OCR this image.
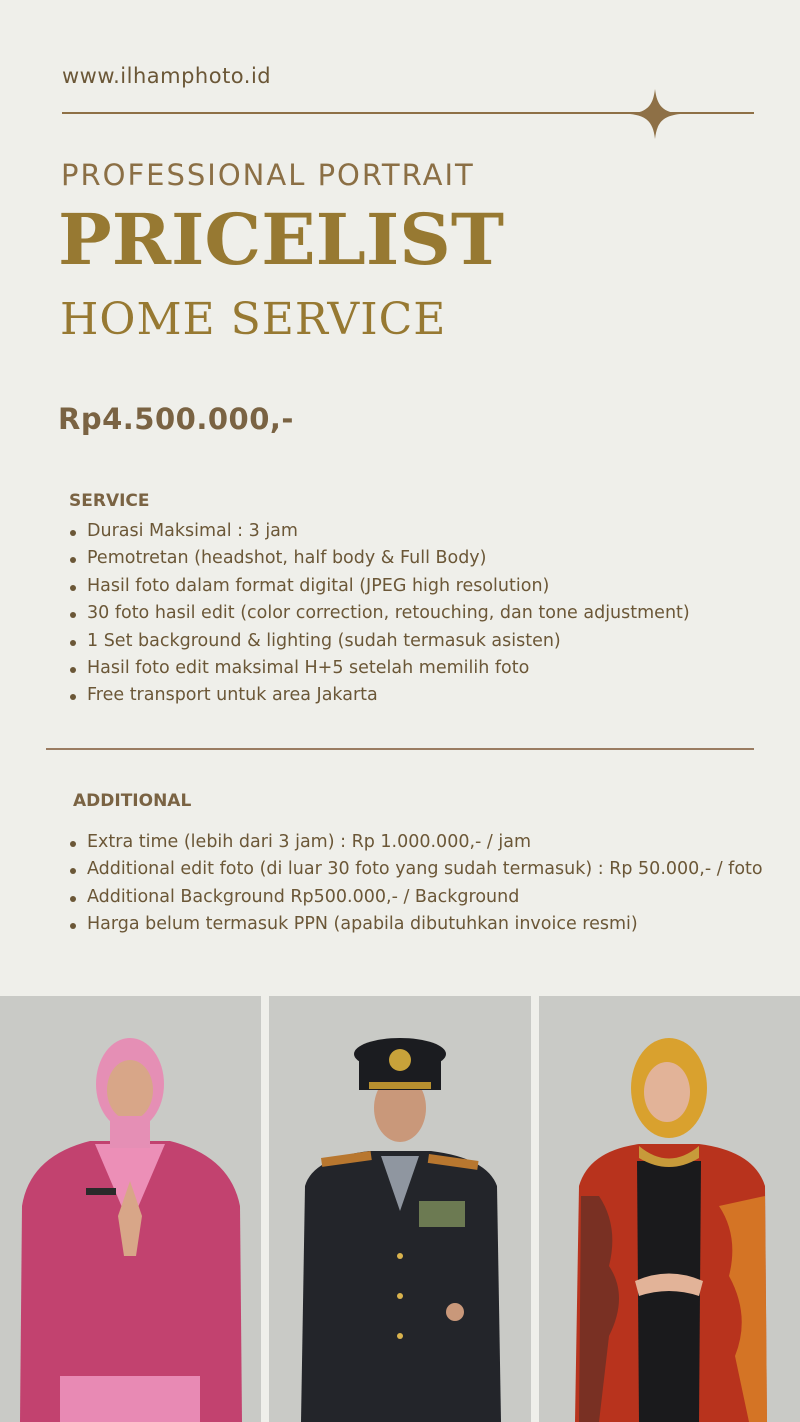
www.ilhamphoto.id
PROFESSIONAL PORTRAIT
PRICELIST
HOME SERVICE
Rp4.500.000,-
SERVICE
Durasi Maksimal : 3 jam
Pemotretan (headshot, half body & Full Body)
Hasil foto dalam format digital (JPEG high resolution)
30 foto hasil edit (color correction, retouching, dan tone adjustment)
1 Set background & lighting (sudah termasuk asisten)
Hasil foto edit maksimal H+5 setelah memilih foto
Free transport untuk area Jakarta
ADDITIONAL
Extra time (lebih dari 3 jam) : Rp 1.000.000,- / jam
Additional edit foto (di luar 30 foto yang sudah termasuk) : Rp 50.000,- / foto
Additional Background Rp500.000,- / Background
Harga belum termasuk PPN (apabila dibutuhkan invoice resmi)
